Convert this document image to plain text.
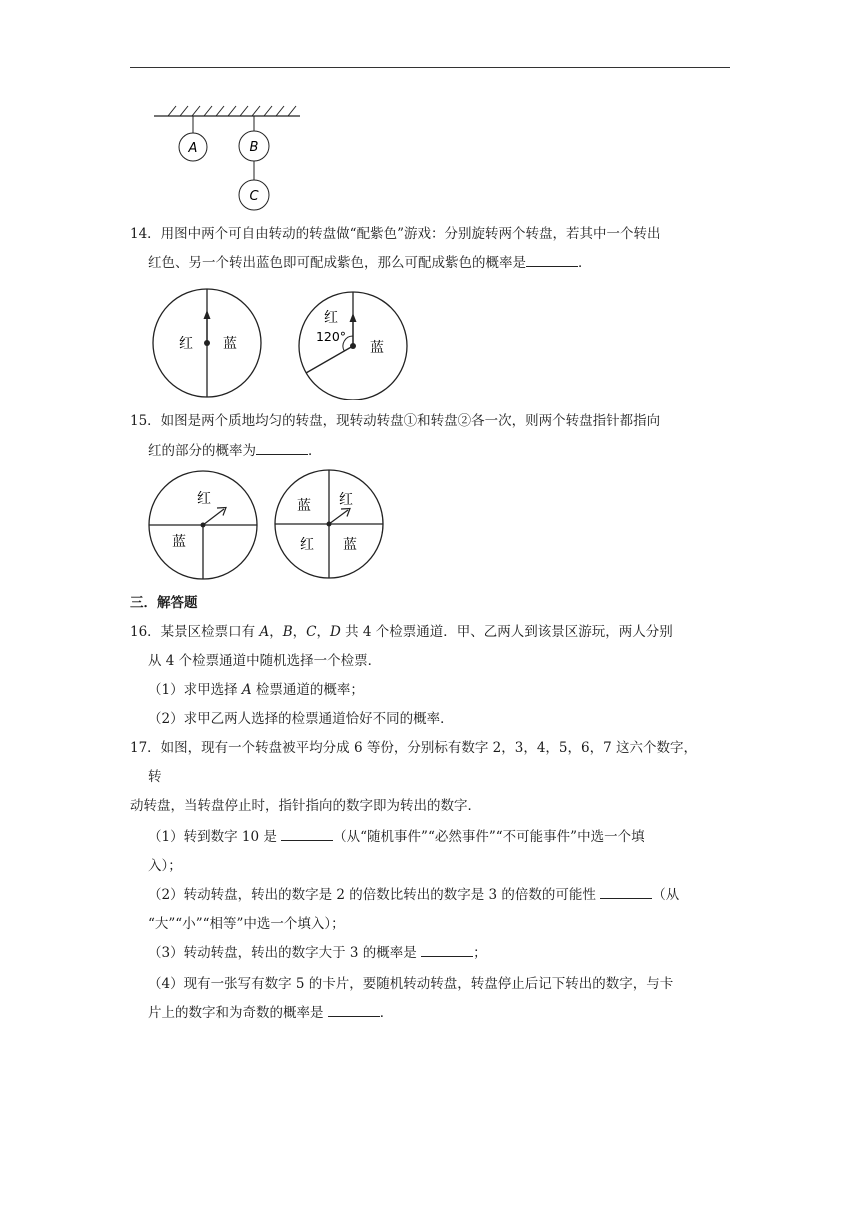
A	B
C
14．用图中两个可自由转动的转盘做“配紫色”游戏：分别旋转两个转盘，若其中一个转出
红色、另一个转出蓝色即可配成紫色，那么可配成紫色的概率是	．
红 蓝
红
120°
蓝
15．如图是两个质地均匀的转盘，现转动转盘①和转盘②各一次，则两个转盘指针都指向
红的部分的概率为	．
红
蓝
蓝 红
红 蓝
三．解答题
16．某景区检票口有 A，B，C，D 共 4 个检票通道．甲、乙两人到该景区游玩，两人分别
从 4 个检票通道中随机选择一个检票．
（1）求甲选择 A 检票通道的概率；
（2）求甲乙两人选择的检票通道恰好不同的概率．
17．如图，现有一个转盘被平均分成 6 等份，分别标有数字 2，3，4，5，6，7 这六个数字，
转
动转盘，当转盘停止时，指针指向的数字即为转出的数字．
（1）转到数字 10 是	（从“随机事件”“必然事件”“不可能事件”中选一个填
入）；
（2）转动转盘，转出的数字是 2 的倍数比转出的数字是 3 的倍数的可能性	（从
“大”“小”“相等”中选一个填入）；
（3）转动转盘，转出的数字大于 3 的概率是	；
（4）现有一张写有数字 5 的卡片，要随机转动转盘，转盘停止后记下转出的数字，与卡
片上的数字和为奇数的概率是	．
